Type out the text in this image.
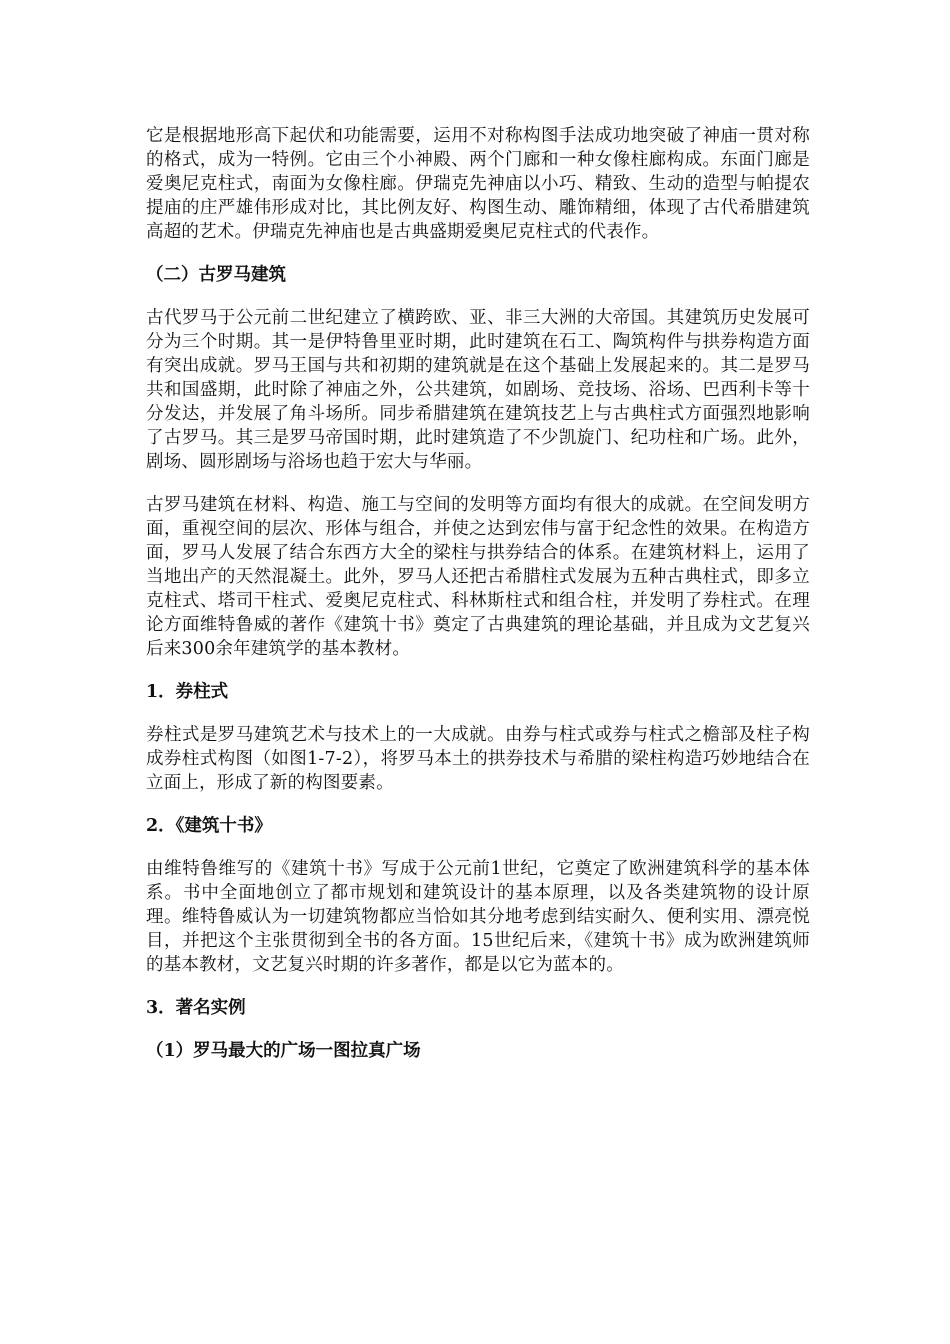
它是根据地形高下起伏和功能需要，运用不对称构图手法成功地突破了神庙一贯对称的格式，成为一特例。它由三个小神殿、两个门廊和一种女像柱廊构成。东面门廊是爱奥尼克柱式，南面为女像柱廊。伊瑞克先神庙以小巧、精致、生动的造型与帕提农提庙的庄严雄伟形成对比，其比例友好、构图生动、雕饰精细，体现了古代希腊建筑高超的艺术。伊瑞克先神庙也是古典盛期爱奥尼克柱式的代表作。

（二）古罗马建筑

古代罗马于公元前二世纪建立了横跨欧、亚、非三大洲的大帝国。其建筑历史发展可分为三个时期。其一是伊特鲁里亚时期，此时建筑在石工、陶筑构件与拱券构造方面有突出成就。罗马王国与共和初期的建筑就是在这个基础上发展起来的。其二是罗马共和国盛期，此时除了神庙之外，公共建筑，如剧场、竞技场、浴场、巴西利卡等十分发达，并发展了角斗场所。同步希腊建筑在建筑技艺上与古典柱式方面强烈地影响了古罗马。其三是罗马帝国时期，此时建筑造了不少凯旋门、纪功柱和广场。此外，剧场、圆形剧场与浴场也趋于宏大与华丽。

古罗马建筑在材料、构造、施工与空间的发明等方面均有很大的成就。在空间发明方面，重视空间的层次、形体与组合，并使之达到宏伟与富于纪念性的效果。在构造方面，罗马人发展了结合东西方大全的梁柱与拱券结合的体系。在建筑材料上，运用了当地出产的天然混凝土。此外，罗马人还把古希腊柱式发展为五种古典柱式，即多立克柱式、塔司干柱式、爱奥尼克柱式、科林斯柱式和组合柱，并发明了券柱式。在理论方面维特鲁威的著作《建筑十书》奠定了古典建筑的理论基础，并且成为文艺复兴后来300余年建筑学的基本教材。

1．券柱式

券柱式是罗马建筑艺术与技术上的一大成就。由券与柱式或券与柱式之檐部及柱子构成券柱式构图（如图1-7-2），将罗马本土的拱券技术与希腊的梁柱构造巧妙地结合在立面上，形成了新的构图要素。

2．《建筑十书》

由维特鲁维写的《建筑十书》写成于公元前1世纪，它奠定了欧洲建筑科学的基本体系。书中全面地创立了都市规划和建筑设计的基本原理，以及各类建筑物的设计原理。维特鲁威认为一切建筑物都应当恰如其分地考虑到结实耐久、便利实用、漂亮悦目，并把这个主张贯彻到全书的各方面。15世纪后来，《建筑十书》成为欧洲建筑师的基本教材，文艺复兴时期的许多著作，都是以它为蓝本的。

3．著名实例

（1）罗马最大的广场一图拉真广场
